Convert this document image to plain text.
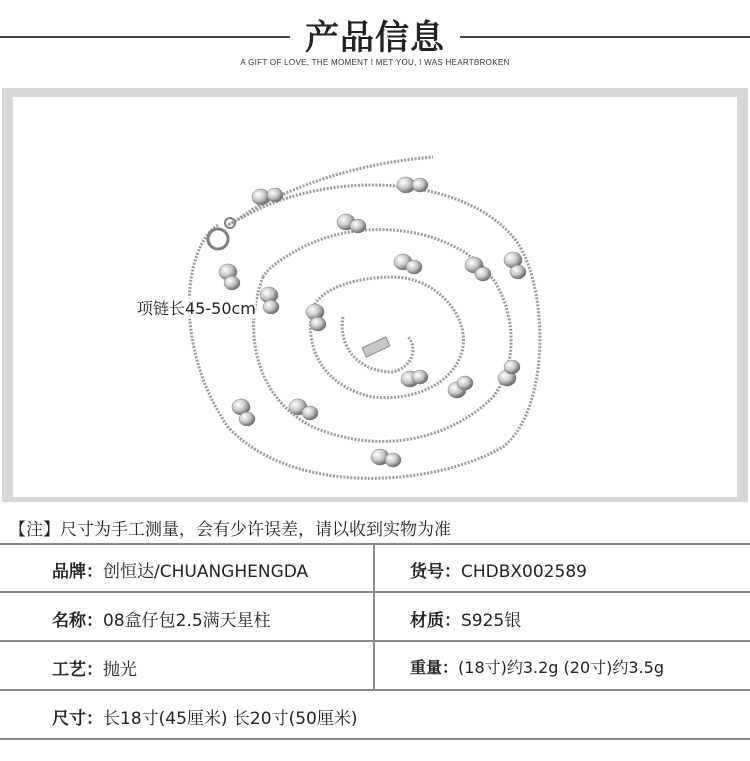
产品信息
A GIFT OF LOVE, THE MOMENT I MET YOU, I WAS HEARTBROKEN
项链长45-50cm
【注】尺寸为手工测量，会有少许误差，请以收到实物为准
品牌：创恒达/CHUANGHENGDA	货号：CHDBX002589
名称：08盒仔包2.5满天星柱	材质：S925银
工艺：抛光	重量：(18寸)约3.2g (20寸)约3.5g
尺寸：长18寸(45厘米) 长20寸(50厘米)
